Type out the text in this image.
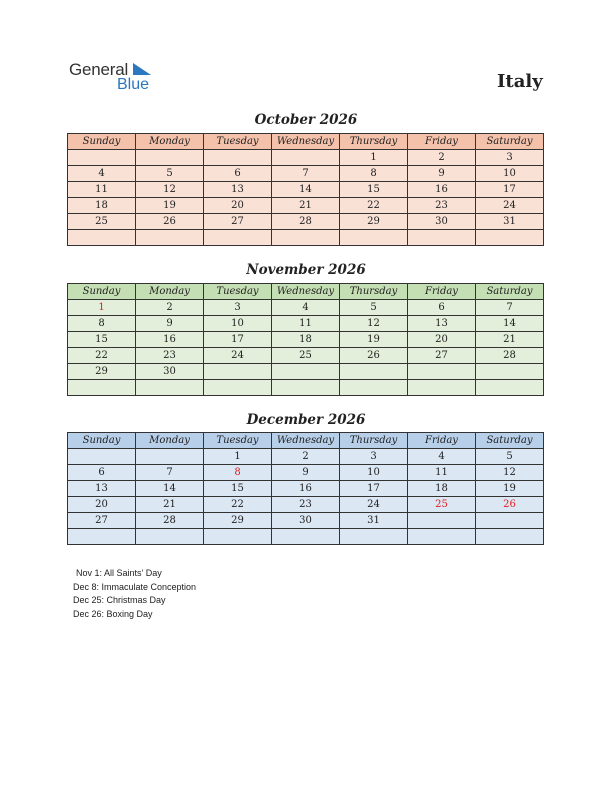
General
Blue	Italy
October 2026
Sunday	Monday	Tuesday	Wednesday	Thursday	Friday	Saturday
				1	2	3
4	5	6	7	8	9	10
11	12	13	14	15	16	17
18	19	20	21	22	23	24
25	26	27	28	29	30	31

November 2026
Sunday	Monday	Tuesday	Wednesday	Thursday	Friday	Saturday
1	2	3	4	5	6	7
8	9	10	11	12	13	14
15	16	17	18	19	20	21
22	23	24	25	26	27	28
29	30					

December 2026
Sunday	Monday	Tuesday	Wednesday	Thursday	Friday	Saturday
		1	2	3	4	5
6	7	8	9	10	11	12
13	14	15	16	17	18	19
20	21	22	23	24	25	26
27	28	29	30	31		

Nov 1: All Saints’ Day
Dec 8: Immaculate Conception
Dec 25: Christmas Day
Dec 26: Boxing Day
